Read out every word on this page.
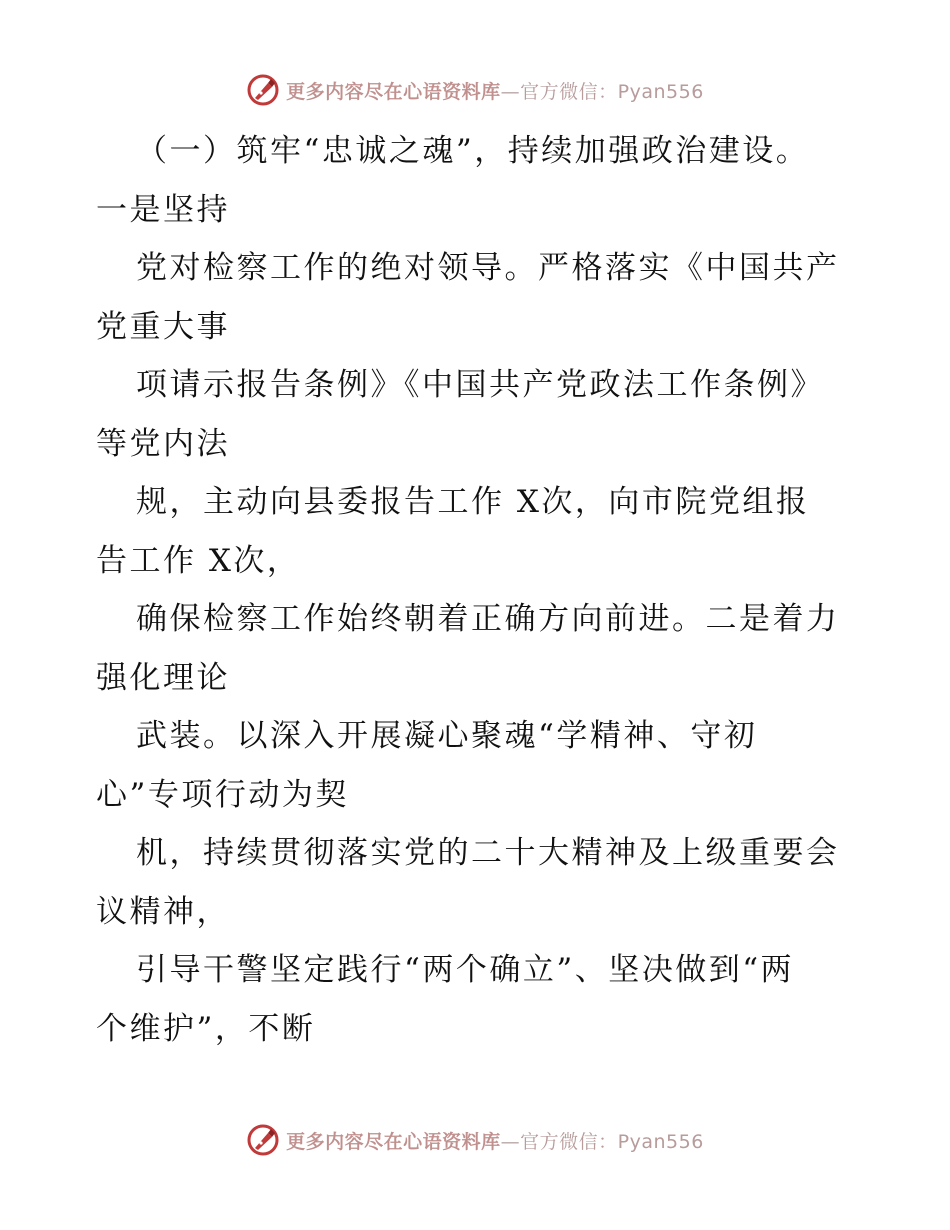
更多内容尽在心语资料库—官方微信：Pyan556
（一）筑牢“忠诚之魂”，持续加强政治建设。
一是坚持
党对检察工作的绝对领导。严格落实《中国共产
党重大事
项请示报告条例》《中国共产党政法工作条例》
等党内法
规，主动向县委报告工作 X次，向市院党组报
告工作 X次，
确保检察工作始终朝着正确方向前进。二是着力
强化理论
武装。以深入开展凝心聚魂“学精神、守初
心”专项行动为契
机，持续贯彻落实党的二十大精神及上级重要会
议精神，
引导干警坚定践行“两个确立”、坚决做到“两
个维护”，不断
更多内容尽在心语资料库—官方微信：Pyan556
